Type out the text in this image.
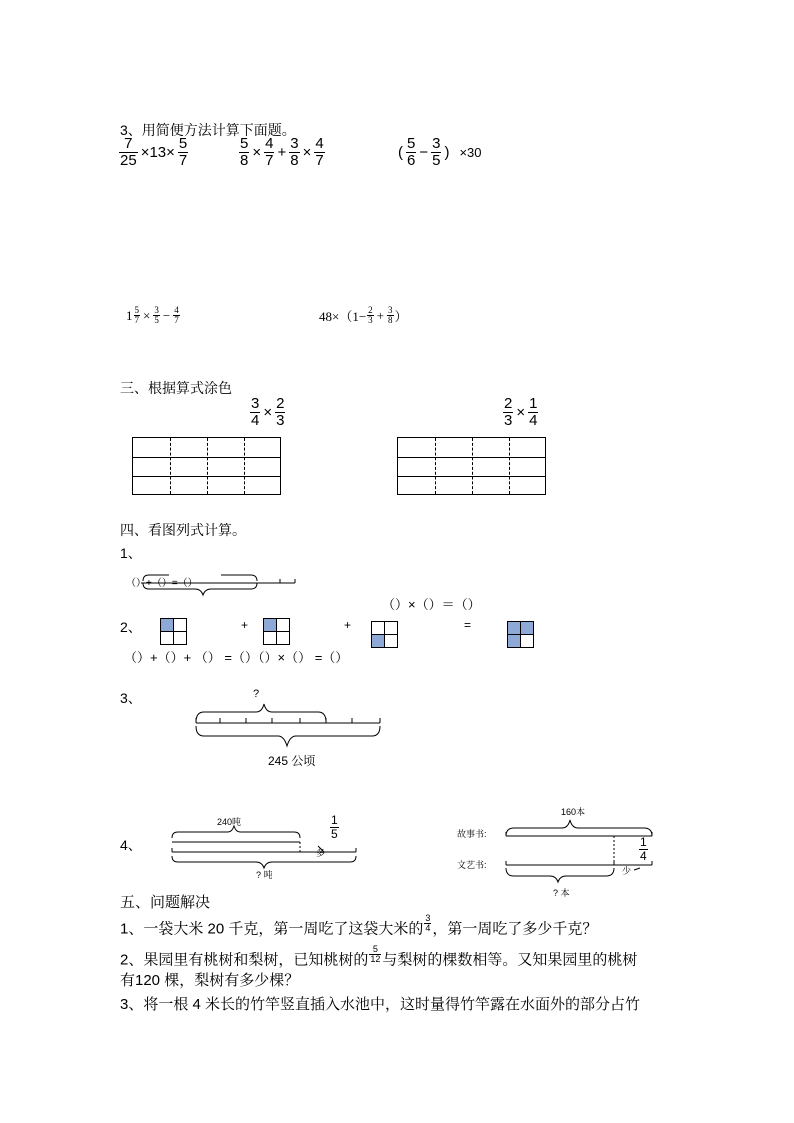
3、用简便方法计算下面题。
$\frac{7}{25} \times 13\times \frac{5}{7}$	$\frac{5}{8} \times \frac{4}{7} + \frac{3}{8} \times \frac{4}{7}$	( $\frac{5}{6} - \frac{3}{5}$ ) ×30
$1 \frac{5}{7} \times \frac{3}{5} - \frac{4}{7}$	$48\times(1- \frac{2}{3} + \frac{3}{8}$ ）
三、根据算式涂色
$\frac{3}{4} \times \frac{2}{3}$	$\frac{2}{3} \times \frac{1}{4}$
四、看图列式计算。
1、
（）+（）=（）
（）×（）＝（）
2、	+	+	=
（）+（）+ （） =（）（）×（） =（）
3、	?
245 公顷
4、
240吨	$\frac{1}{5}$
多
? 吨
160本
故事书:
文艺书:
$\frac{1}{4}$
少
? 本
五、问题解决
1、一袋大米 20 千克，第一周吃了这袋大米的 $\frac{3}{4}$ ，第一周吃了多少千克？
2、果园里有桃树和梨树，已知桃树的 $\frac{5}{12}$ 与梨树的棵数相等。又知果园里的桃树
有120 棵，梨树有多少棵？
3、将一根 4 米长的竹竿竖直插入水池中，这时量得竹竿露在水面外的部分占竹
